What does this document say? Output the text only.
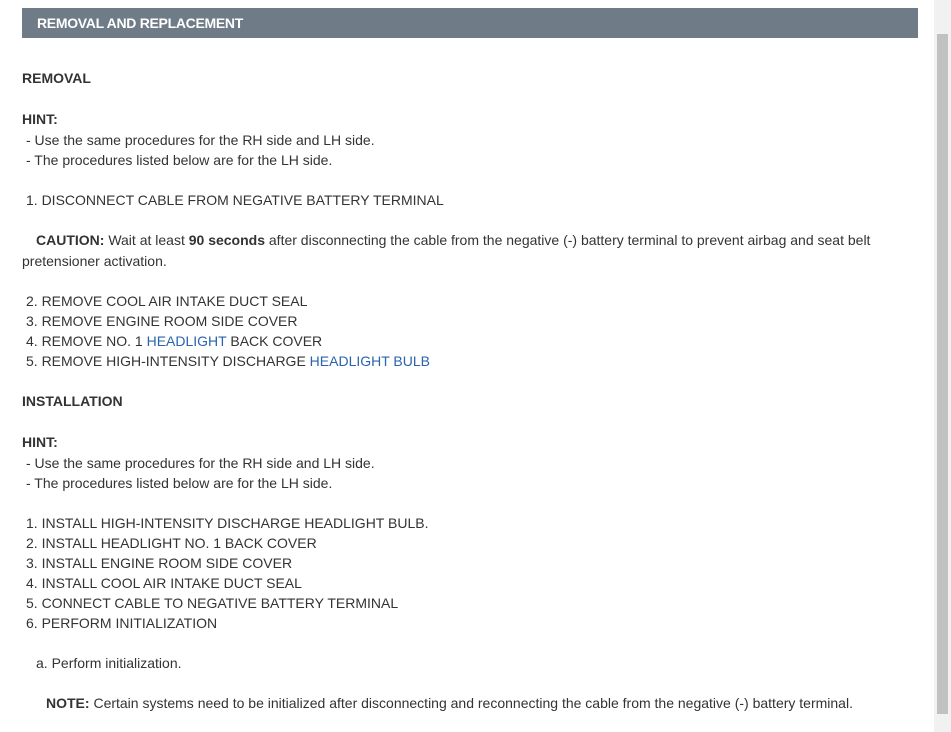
REMOVAL AND REPLACEMENT
REMOVAL
HINT:
- Use the same procedures for the RH side and LH side.
- The procedures listed below are for the LH side.
1. DISCONNECT CABLE FROM NEGATIVE BATTERY TERMINAL
CAUTION: Wait at least 90 seconds after disconnecting the cable from the negative (-) battery terminal to prevent airbag and seat belt pretensioner activation.
2. REMOVE COOL AIR INTAKE DUCT SEAL
3. REMOVE ENGINE ROOM SIDE COVER
4. REMOVE NO. 1 HEADLIGHT BACK COVER
5. REMOVE HIGH-INTENSITY DISCHARGE HEADLIGHT BULB
INSTALLATION
HINT:
- Use the same procedures for the RH side and LH side.
- The procedures listed below are for the LH side.
1. INSTALL HIGH-INTENSITY DISCHARGE HEADLIGHT BULB.
2. INSTALL HEADLIGHT NO. 1 BACK COVER
3. INSTALL ENGINE ROOM SIDE COVER
4. INSTALL COOL AIR INTAKE DUCT SEAL
5. CONNECT CABLE TO NEGATIVE BATTERY TERMINAL
6. PERFORM INITIALIZATION
a. Perform initialization.
NOTE: Certain systems need to be initialized after disconnecting and reconnecting the cable from the negative (-) battery terminal.
